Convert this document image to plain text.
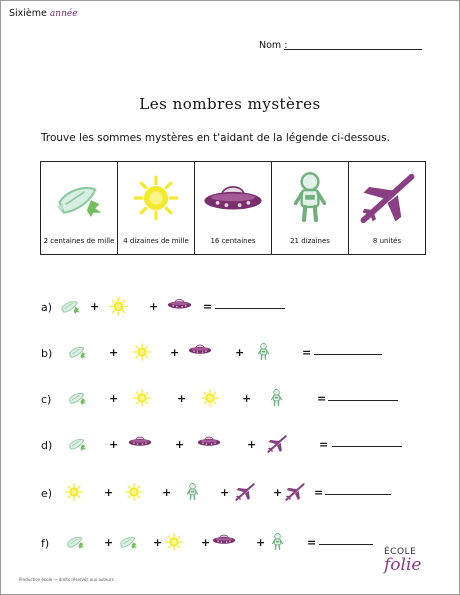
Sixième année
Nom :
Les nombres mystères
Trouve les sommes mystères en t'aidant de la légende ci-dessous.
2 centaines de mille	4 dizaines de mille	16 centaines	21 dizaines	8 unités
a)	+	+	=
b)	+	+	+	=
c)	+	+	+	=
d)	+	+	+	=
e)	+	+	+	+	=
f)	+	+	+	+	=
ÉCOLE
folie
Production école — droits réservés aux auteurs
